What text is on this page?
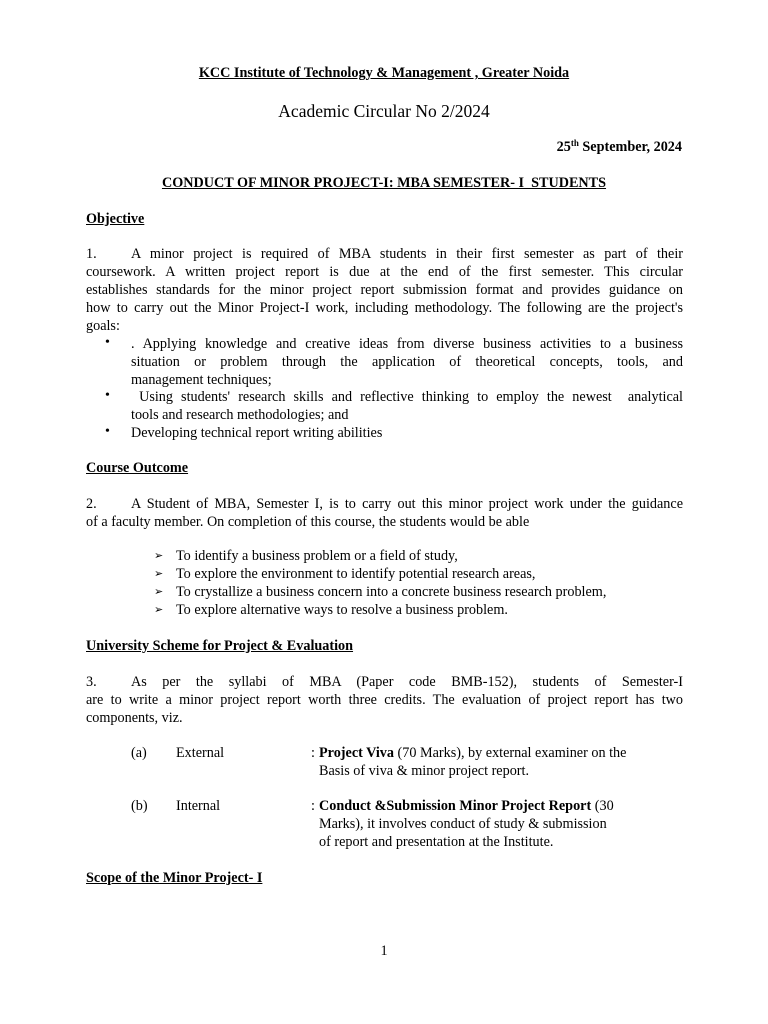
KCC Institute of Technology & Management , Greater Noida
Academic Circular No 2/2024
25th September, 2024
CONDUCT OF MINOR PROJECT-I: MBA SEMESTER- I  STUDENTS
Objective
1. A minor project is required of MBA students in their first semester as part of their
coursework. A written project report is due at the end of the first semester. This circular
establishes standards for the minor project report submission format and provides guidance on
how to carry out the Minor Project-I work, including methodology. The following are the project's
goals:
• . Applying knowledge and creative ideas from diverse business activities to a business
situation or problem through the application of theoretical concepts, tools, and
management techniques;
• Using students' research skills and reflective thinking to employ the newest  analytical
tools and research methodologies; and
• Developing technical report writing abilities
Course Outcome
2. A Student of MBA, Semester I, is to carry out this minor project work under the guidance
of a faculty member. On completion of this course, the students would be able
➢ To identify a business problem or a field of study,
➢ To explore the environment to identify potential research areas,
➢ To crystallize a business concern into a concrete business research problem,
➢ To explore alternative ways to resolve a business problem.
University Scheme for Project & Evaluation
3. As per the syllabi of MBA (Paper code BMB-152), students of Semester-I
are to write a minor project report worth three credits. The evaluation of project report has two
components, viz.
(a) External	: Project Viva (70 Marks), by external examiner on the
Basis of viva & minor project report.
(b) Internal	: Conduct &Submission Minor Project Report (30
Marks), it involves conduct of study & submission
of report and presentation at the Institute.
Scope of the Minor Project- I
1
